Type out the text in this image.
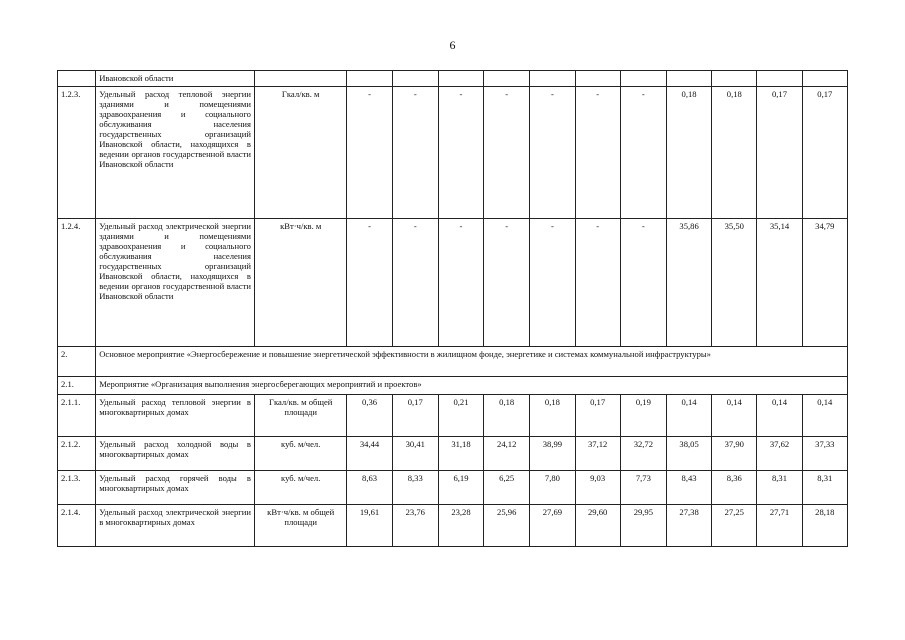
6
	Ивановской области												
1.2.3.	Удельный расход тепловой энергии зданиями и помещениями здравоохранения и социального обслуживания населения государственных организаций Ивановской области, находящихся в ведении органов государственной власти Ивановской области	Гкал/кв. м	-	-	-	-	-	-	-	0,18	0,18	0,17	0,17
1.2.4.	Удельный расход электрической энергии зданиями и помещениями здравоохранения и социального обслуживания населения государственных организаций Ивановской области, находящихся в ведении органов государственной власти Ивановской области	кВт·ч/кв. м	-	-	-	-	-	-	-	35,86	35,50	35,14	34,79
2.	Основное мероприятие «Энергосбережение и повышение энергетической эффективности в жилищном фонде, энергетике и системах коммунальной инфраструктуры»												
2.1.	Мероприятие «Организация выполнения энергосберегающих мероприятий и проектов»												
2.1.1.	Удельный расход тепловой энергии в многоквартирных домах	Гкал/кв. м общей площади	0,36	0,17	0,21	0,18	0,18	0,17	0,19	0,14	0,14	0,14	0,14
2.1.2.	Удельный расход холодной воды в многоквартирных домах	куб. м/чел.	34,44	30,41	31,18	24,12	38,99	37,12	32,72	38,05	37,90	37,62	37,33
2.1.3.	Удельный расход горячей воды в многоквартирных домах	куб. м/чел.	8,63	8,33	6,19	6,25	7,80	9,03	7,73	8,43	8,36	8,31	8,31
2.1.4.	Удельный расход электрической энергии в многоквартирных домах	кВт·ч/кв. м общей площади	19,61	23,76	23,28	25,96	27,69	29,60	29,95	27,38	27,25	27,71	28,18
